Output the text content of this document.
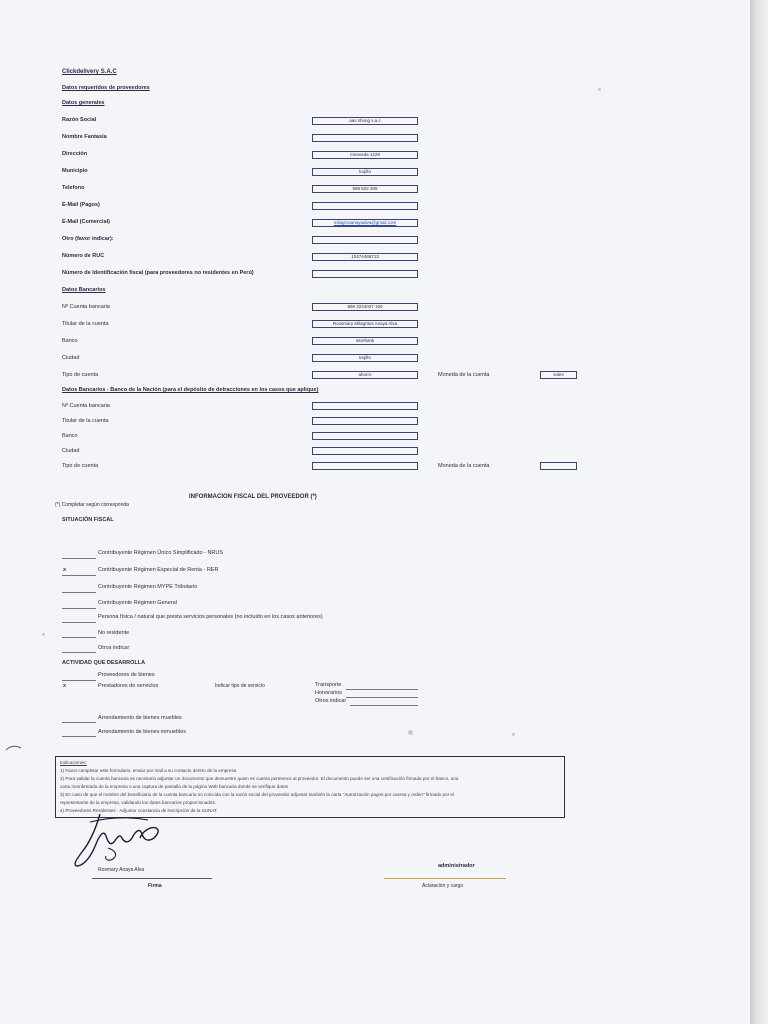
Clickdelivery S.A.C
Datos requeridos de proveedores
Datos generales
Razón Social	aas shong s.a.c
Nombre Fantasía
Dirección	miraveda 1229
Municipio	trujillo
Telefono	998 522 306
E-Mail (Pagos)
E-Mail (Comercial)	milagrosanayaalva@gmail.com
Otro (favor indicar):
Número de RUC	10474486713
Número de Identificación fiscal (para proveedores no residentes en Perú)
Datos Bancarios
Nº Cuenta bancaria	898 3224027 160
Titular de la cuenta	Rossmary Milagritos Anaya Alva
Banco	interbank
Ciudad	trujillo
Tipo de cuenta	ahorro	Moneda de la cuenta	soles
Datos Bancarios - Banco de la Nación (para el depósito de detracciones en los casos que aplique)
Nº Cuenta bancaria
Titular de la cuenta
Banco
Ciudad
Tipo de cuenta	Moneda de la cuenta
INFORMACION FISCAL DEL PROVEEDOR (*)
(*) Completar según corresponda
SITUACIÓN FISCAL
Contribuyente Régimen Único Simplificado - NRUS
x	Contribuyente Régimen Especial de Renta - RER
Contribuyente Régimen MYPE Tributario
Contribuyente Régimen General
Persona física / natural que presta servicios personales (no incluido en los casos anteriores)
No residente
Otros indicar
ACTIVIDAD QUE DESARROLLA
Proveedores de bienes
x	Prestadores de servicios	Indicar tipo de servicio	Transporte
Honorarios
Otros indicar
Arrendamiento de bienes muebles
Arrendamiento de bienes inmuebles
Indicaciones:
1) Favor completar este formulario, enviar por mail a su contacto dentro de la empresa
2) Para validar la cuenta bancaria es necesario adjuntar un documento que demuestre quien es cuenta pertenece al proveedor. El documento puede ser una certificación firmada por el banco, una
carta membretada de la empresa o una captura de pantalla de la página Web bancaria donde se verifique datos
3) En caso de que el nombre del beneficiario de la cuenta bancaria no coincida con la razón social del proveedor adjuntar también la carta "Autorización pagos por cuenta y orden" firmado por el
representante de la empresa, validando los datos bancarios proporcionados.
4) Proveedores Residentes - Adjuntar constancia de inscripción de la SUNAT
Rosmary Anaya Alva
Firma
administrador
Aclaración y cargo
